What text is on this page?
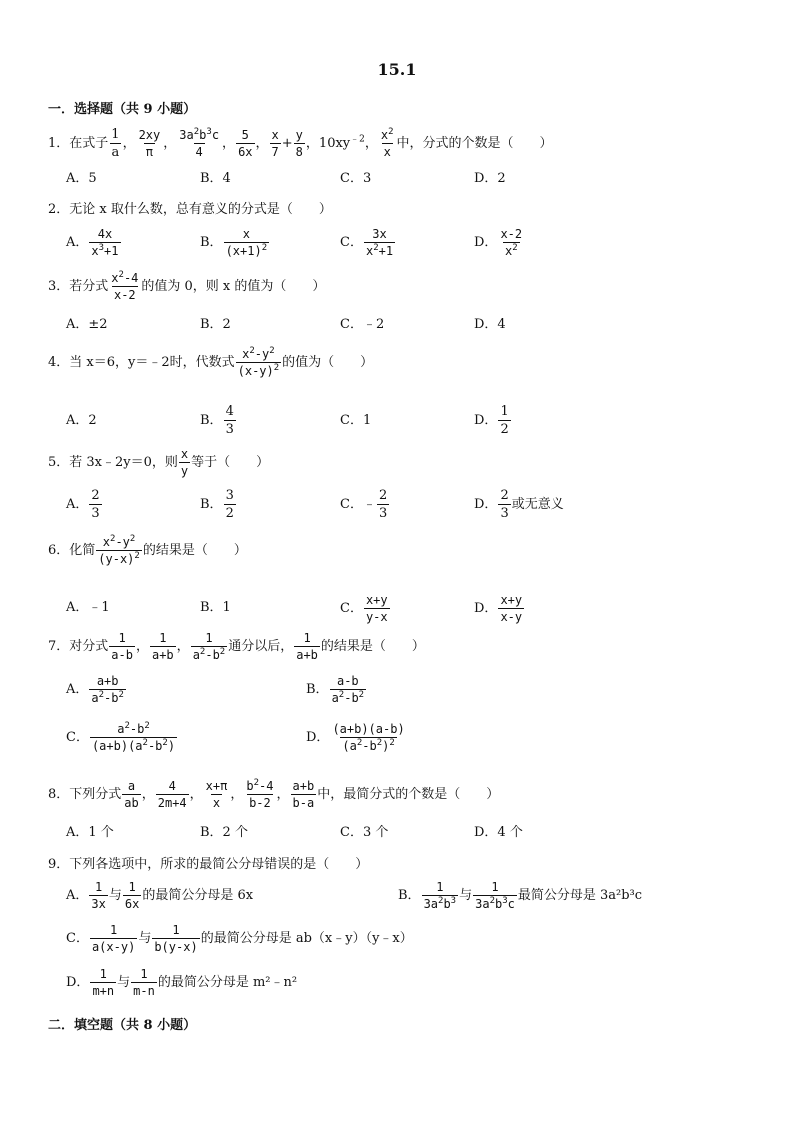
15.1
一．选择题（共 9 小题）
1．在式子 $\frac{1}{a}$ ， $\frac{2xy}{\pi}$ ， $\frac{3a^2b^3c}{4}$ ， $\frac{5}{6x}$ ， $\frac{x}{7} + \frac{y}{8}$ ， $10xy^{﹣2}$ ， $\frac{x^2}{x}$ 中，分式的个数是（　　）
A．5	B．4	C．3	D．2
2．无论 x 取什么数，总有意义的分式是（　　）
A． $\frac{4x}{x^3+1}$	B． $\frac{x}{(x+1)^2}$	C． $\frac{3x}{x^2+1}$	D． $\frac{x-2}{x^2}$
3．若分式 $\frac{x^2-4}{x-2}$ 的值为 0，则 x 的值为（　　）
A．±2	B．2	C．﹣2	D．4
4．当 x＝6，y＝﹣2时，代数式 $\frac{x^2-y^2}{(x-y)^2}$ 的值为（　　）
A．2	B． $\frac{4}{3}$	C．1	D． $\frac{1}{2}$
5．若 3x﹣2y＝0，则 $\frac{x}{y}$ 等于（　　）
A． $\frac{2}{3}$	B． $\frac{3}{2}$	C．﹣ $\frac{2}{3}$	D． $\frac{2}{3}$ 或无意义
6．化简 $\frac{x^2-y^2}{(y-x)^2}$ 的结果是（　　）
A．﹣1	B．1	C． $\frac{x+y}{y-x}$	D． $\frac{x+y}{x-y}$
7．对分式 $\frac{1}{a-b}$ ， $\frac{1}{a+b}$ ， $\frac{1}{a^2-b^2}$ 通分以后， $\frac{1}{a+b}$ 的结果是（　　）
A． $\frac{a+b}{a^2-b^2}$	B． $\frac{a-b}{a^2-b^2}$
C． $\frac{a^2-b^2}{(a+b)(a^2-b^2)}$	D． $\frac{(a+b)(a-b)}{(a^2-b^2)^2}$
8．下列分式 $\frac{a}{ab}$ ， $\frac{4}{2m+4}$ ， $\frac{x+\pi}{x}$ ， $\frac{b^2-4}{b-2}$ ， $\frac{a+b}{b-a}$ 中，最简分式的个数是（　　）
A．1 个	B．2 个	C．3 个	D．4 个
9．下列各选项中，所求的最简公分母错误的是（　　）
A． $\frac{1}{3x}$ 与 $\frac{1}{6x}$ 的最简公分母是 6x	B． $\frac{1}{3a^2b^3}$ 与 $\frac{1}{3a^2b^3c}$ 最简公分母是 3a²b³c
C． $\frac{1}{a(x-y)}$ 与 $\frac{1}{b(y-x)}$ 的最简公分母是 ab（x﹣y）（y﹣x）
D． $\frac{1}{m+n}$ 与 $\frac{1}{m-n}$ 的最简公分母是 m²﹣n²
二．填空题（共 8 小题）
